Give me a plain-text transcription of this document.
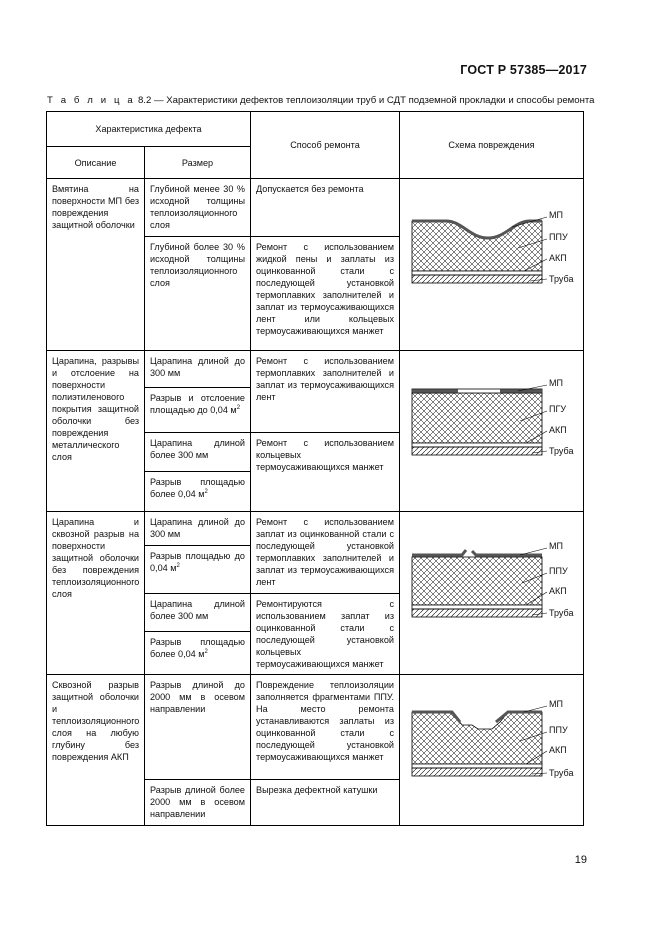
ГОСТ Р 57385—2017
Т а б л и ц а 8.2 — Характеристики дефектов теплоизоляции труб и СДТ подземной прокладки и способы ремонта
Характеристика дефекта		Способ ремонта	Схема повреждения
Описание	Размер		
Вмятина на поверхности МП без повреждения защитной оболочки	Глубиной менее 30 % исходной толщины теплоизоляционного слоя	Допускается без ремонта	МП
ППУ
АКП
Труба

	Глубиной более 30 % исходной толщины теплоизоляционного слоя	Ремонт с использованием жидкой пены и заплаты из оцинкованной стали с последующей установкой термоплавких заполнителей и заплат из термоусаживающихся лент или кольцевых термоусаживающихся манжет	
Царапина, разрывы и отслоение на поверхности полиэтиленового покрытия защитной оболочки без повреждения металлического слоя	Царапина длиной до 300 мм	Ремонт с использованием термоплавких заполнителей и заплат из термоусаживающихся лент	МП
ПГУ
АКП
Труба

	Разрыв и отслоение площадью до 0,04 $м^2$
	Царапина длиной более 300 мм	Ремонт с использованием кольцевых термоусаживающихся манжет	
	Разрыв площадью более 0,04 $м^2$
Царапина и сквозной разрыв на поверхности защитной оболочки без повреждения теплоизоляционного слоя	Царапина длиной до 300 мм	Ремонт с использованием заплат из оцинкованной стали с последующей установкой термоплавких заполнителей и заплат из термоусаживающихся лент	МП
ППУ
АКП
Труба

	Разрыв площадью до 0,04 $м^2$
	Царапина длиной более 300 мм	Ремонтируются с использованием заплат из оцинкованной стали с последующей установкой кольцевых термоусаживающихся манжет	
	Разрыв площадью более 0,04 $м^2$
Сквозной разрыв защитной оболочки и теплоизоляционного слоя на любую глубину без повреждения АКП	Разрыв длиной до 2000 мм в осевом направлении	Повреждение теплоизоляции заполняется фрагментами ППУ. На место ремонта устанавливаются заплаты из оцинкованной стали с последующей установкой термоусаживающихся манжет	МП
ППУ
АКП
Труба

	Разрыв длиной более 2000 мм в осевом направлении	Вырезка дефектной катушки	
19
